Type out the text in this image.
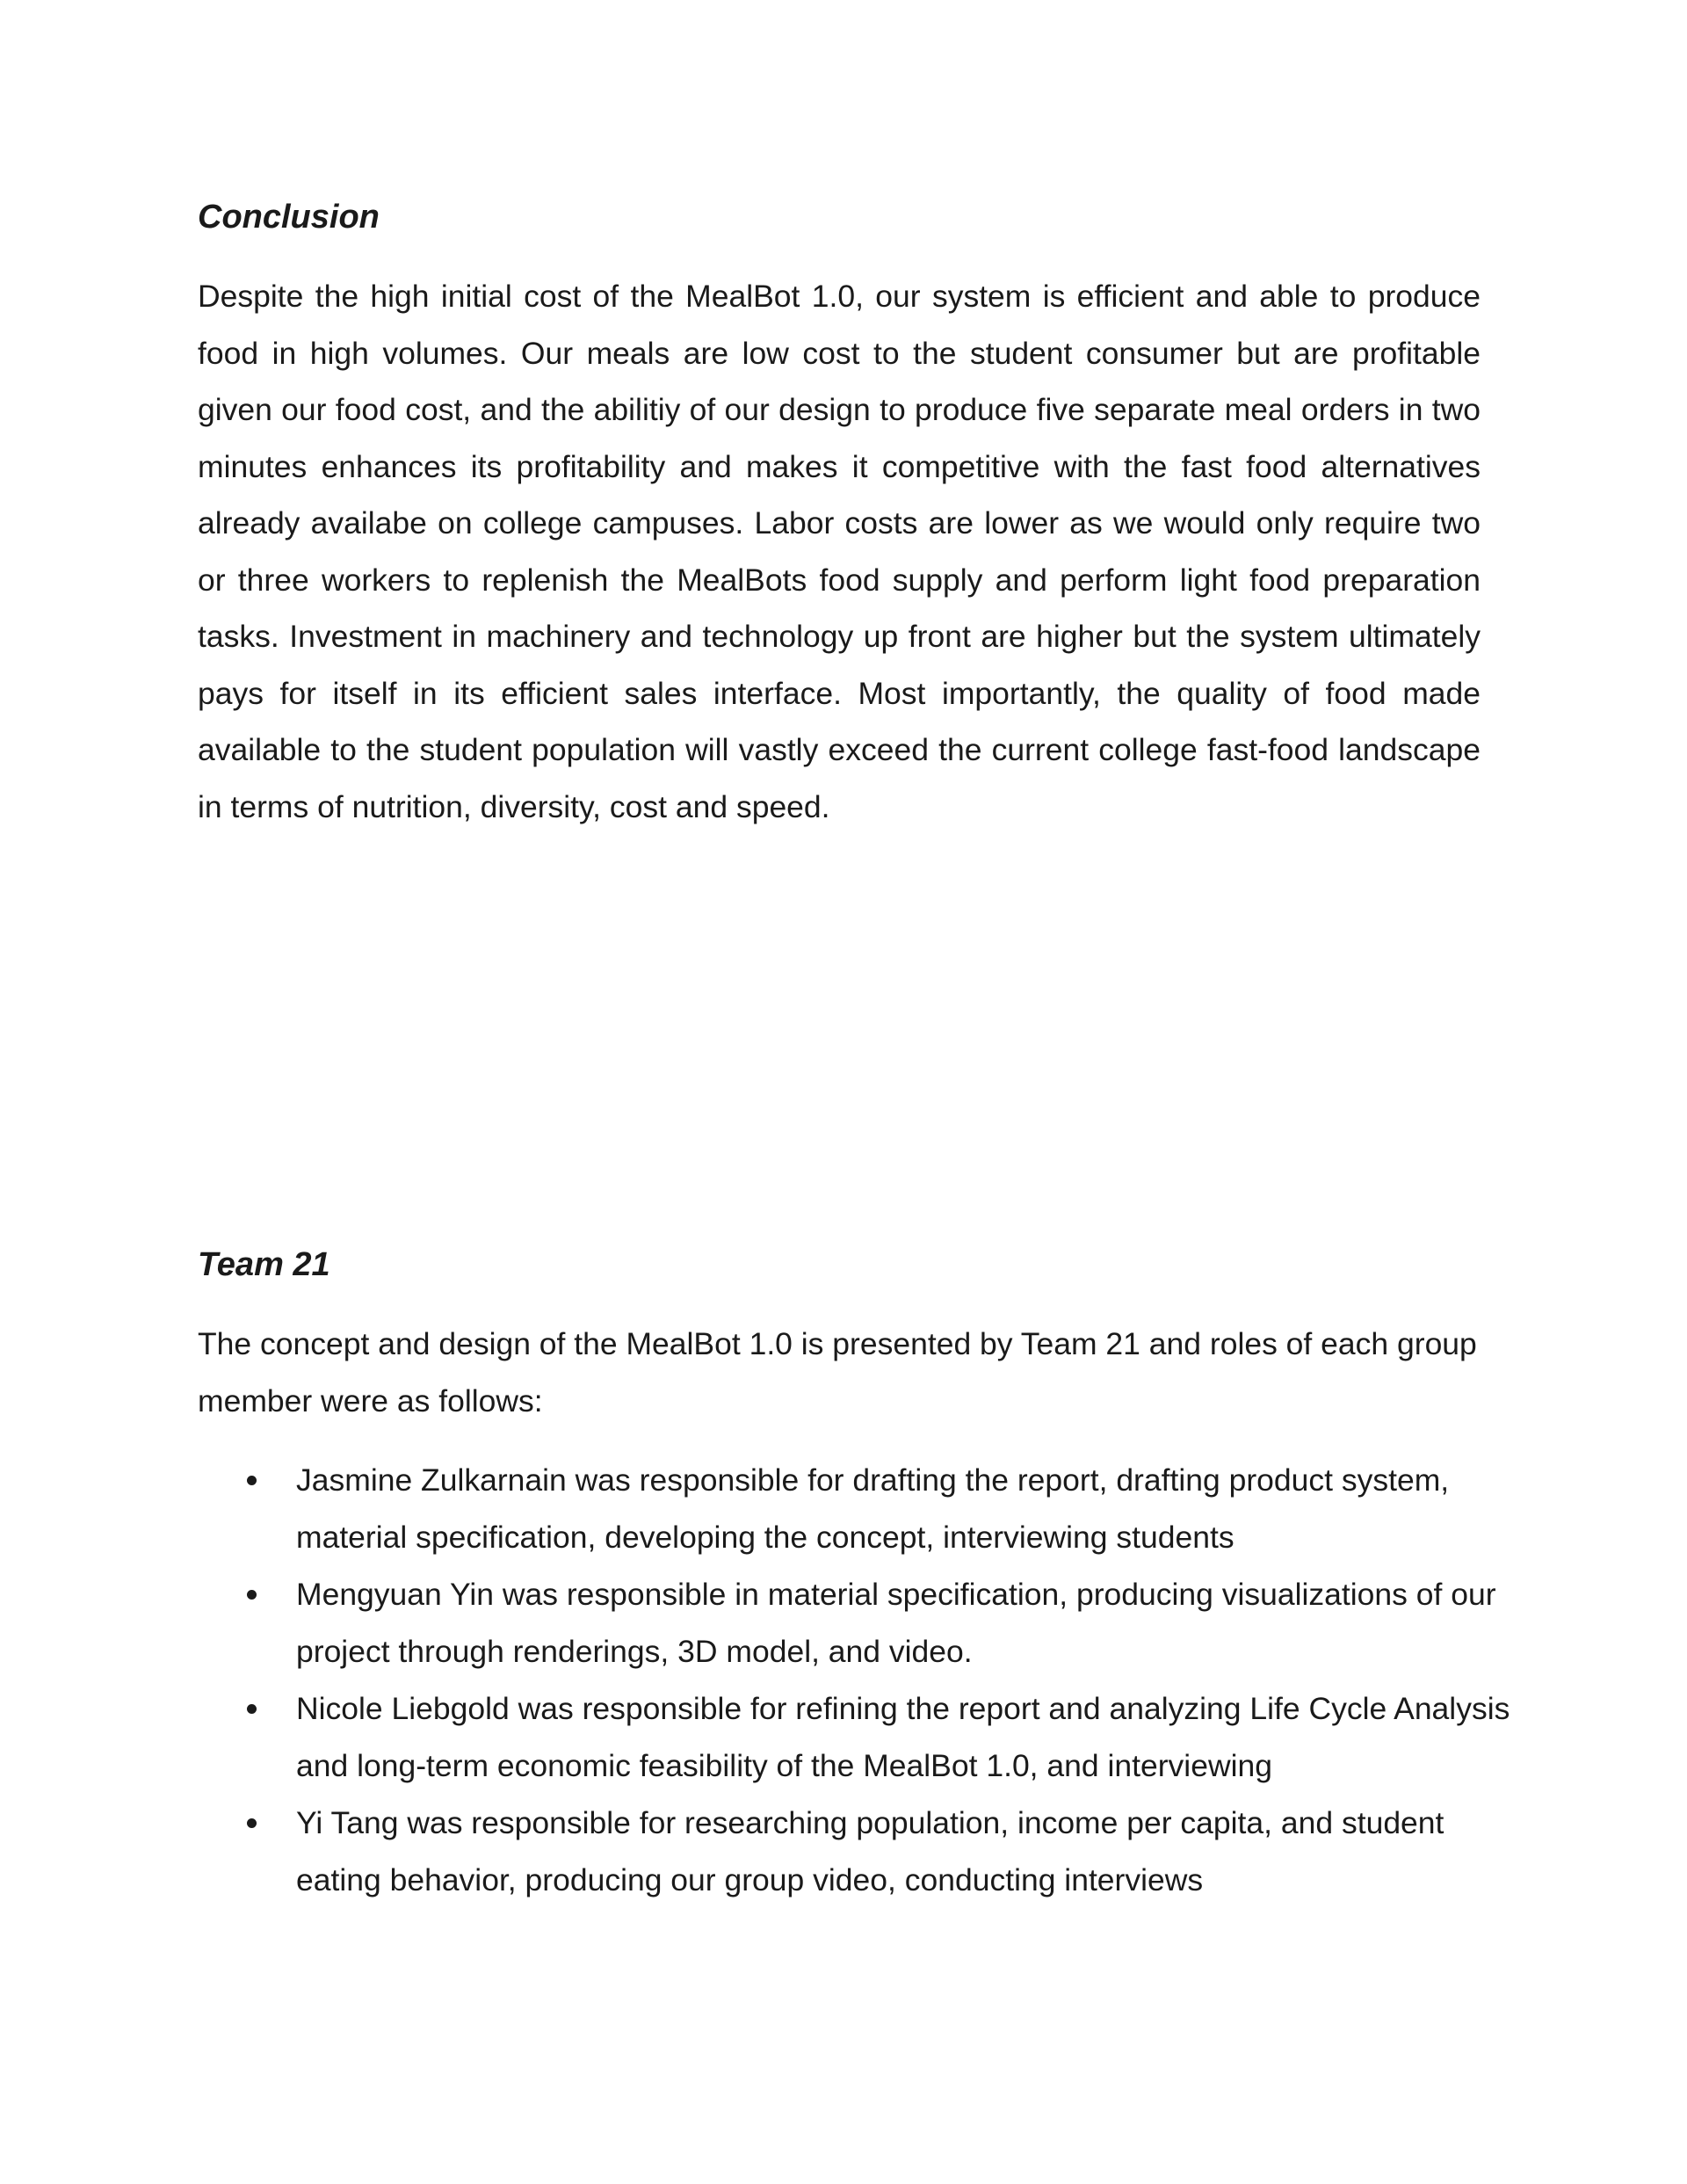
Conclusion

Despite the high initial cost of the MealBot 1.0, our system is efficient and able to produce food in high volumes. Our meals are low cost to the student consumer but are profitable given our food cost, and the abilitiy of our design to produce five separate meal orders in two minutes enhances its profitability and makes it competitive with the fast food alternatives already availabe on college campuses. Labor costs are lower as we would only require two or three workers to replenish the MealBots food supply and perform light food preparation tasks. Investment in machinery and technology up front are higher but the system ultimately pays for itself in its efficient sales interface. Most importantly, the quality of food made available to the student population will vastly exceed the current college fast-food landscape in terms of nutrition, diversity, cost and speed.

Team 21

The concept and design of the MealBot 1.0 is presented by Team 21 and roles of each group member were as follows:

Jasmine Zulkarnain was responsible for drafting the report, drafting product system, material specification, developing the concept, interviewing students
Mengyuan Yin was responsible in material specification, producing visualizations of our project through renderings, 3D model, and video.
Nicole Liebgold was responsible for refining the report and analyzing Life Cycle Analysis and long-term economic feasibility of the MealBot 1.0, and interviewing
Yi Tang was responsible for researching population, income per capita, and student eating behavior, producing our group video, conducting interviews
